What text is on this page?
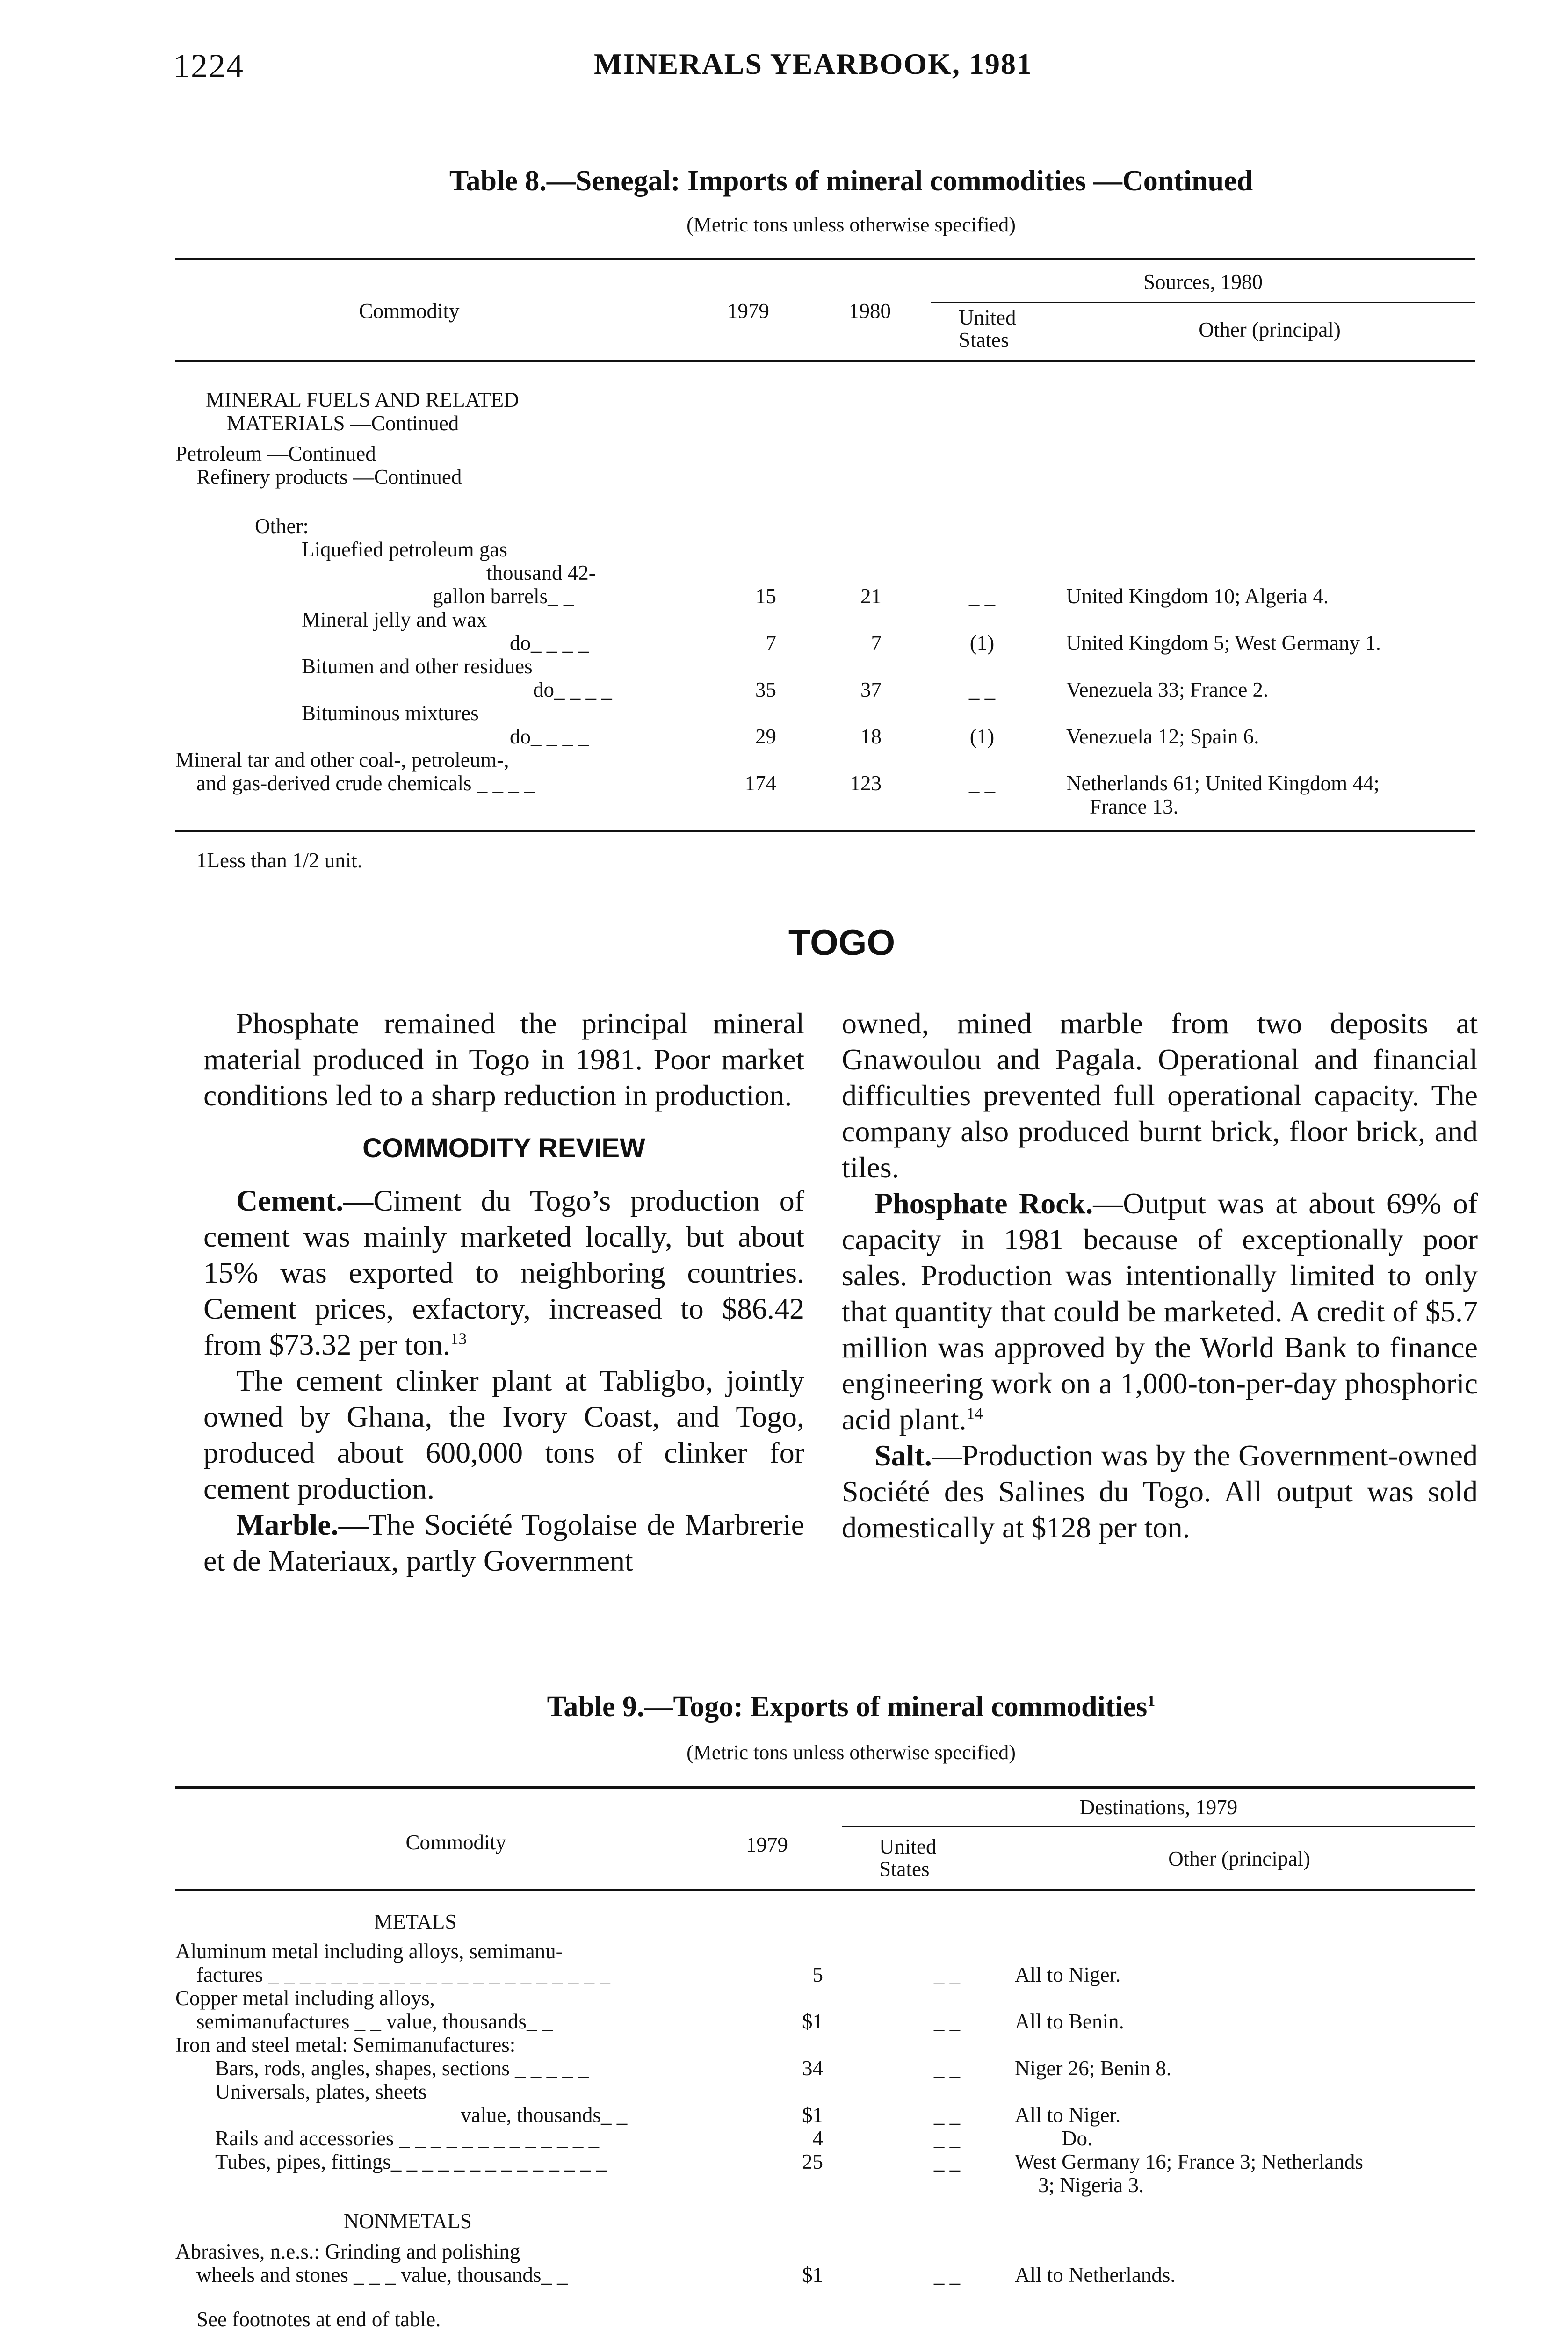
1224	MINERALS YEARBOOK, 1981
Table 8.—Senegal: Imports of mineral commodities —Continued
(Metric tons unless otherwise specified)
Sources, 1980
Commodity	1979	1980	United States	Other (principal)
MINERAL FUELS AND RELATED
MATERIALS —Continued
Petroleum —Continued
Refinery products —Continued
Other:
Liquefied petroleum gas
thousand 42-
gallon barrels_ _	15	21	_ _	United Kingdom 10; Algeria 4.
Mineral jelly and wax
do_ _ _ _	7	7	(1)	United Kingdom 5; West Germany 1.
Bitumen and other residues
do_ _ _ _	35	37	_ _	Venezuela 33; France 2.
Bituminous mixtures
do_ _ _ _	29	18	(1)	Venezuela 12; Spain 6.
Mineral tar and other coal-, petroleum-,
and gas-derived crude chemicals _ _ _ _	174	123	_ _	Netherlands 61; United Kingdom 44;
France 13.
1Less than 1/2 unit.
TOGO

Phosphate remained the principal mineral material produced in Togo in 1981. Poor market conditions led to a sharp reduction in production.

COMMODITY REVIEW

Cement.—Ciment du Togo’s production of cement was mainly marketed locally, but about 15% was exported to neighboring countries. Cement prices, exfactory, increased to $86.42 from $73.32 per ton.$^{13}$

The cement clinker plant at Tabligbo, jointly owned by Ghana, the Ivory Coast, and Togo, produced about 600,000 tons of clinker for cement production.

Marble.—The Société Togolaise de Marbrerie et de Materiaux, partly Government

owned, mined marble from two deposits at Gnawoulou and Pagala. Operational and financial difficulties prevented full operational capacity. The company also produced burnt brick, floor brick, and tiles.

Phosphate Rock.—Output was at about 69% of capacity in 1981 because of exceptionally poor sales. Production was intentionally limited to only that quantity that could be marketed. A credit of $5.7 million was approved by the World Bank to finance engineering work on a 1,000-ton-per-day phosphoric acid plant.$^{14}$

Salt.—Production was by the Government-owned Société des Salines du Togo. All output was sold domestically at $128 per ton.

Table 9.—Togo: Exports of mineral commodities$^1$
(Metric tons unless otherwise specified)
Destinations, 1979
Commodity	1979	United States	Other (principal)
METALS
Aluminum metal including alloys, semimanu-
factures _ _ _ _ _ _ _ _ _ _ _ _ _ _ _ _ _ _ _ _ _ _	5	_ _	All to Niger.
Copper metal including alloys,
semimanufactures _ _ value, thousands_ _	$1	_ _	All to Benin.
Iron and steel metal: Semimanufactures:
Bars, rods, angles, shapes, sections _ _ _ _ _	34	_ _	Niger 26; Benin 8.
Universals, plates, sheets
value, thousands_ _	$1	_ _	All to Niger.
Rails and accessories _ _ _ _ _ _ _ _ _ _ _ _ _	4	_ _	Do.
Tubes, pipes, fittings_ _ _ _ _ _ _ _ _ _ _ _ _ _	25	_ _	West Germany 16; France 3; Netherlands
3; Nigeria 3.
NONMETALS
Abrasives, n.e.s.: Grinding and polishing
wheels and stones _ _ _ value, thousands_ _	$1	_ _	All to Netherlands.
See footnotes at end of table.
